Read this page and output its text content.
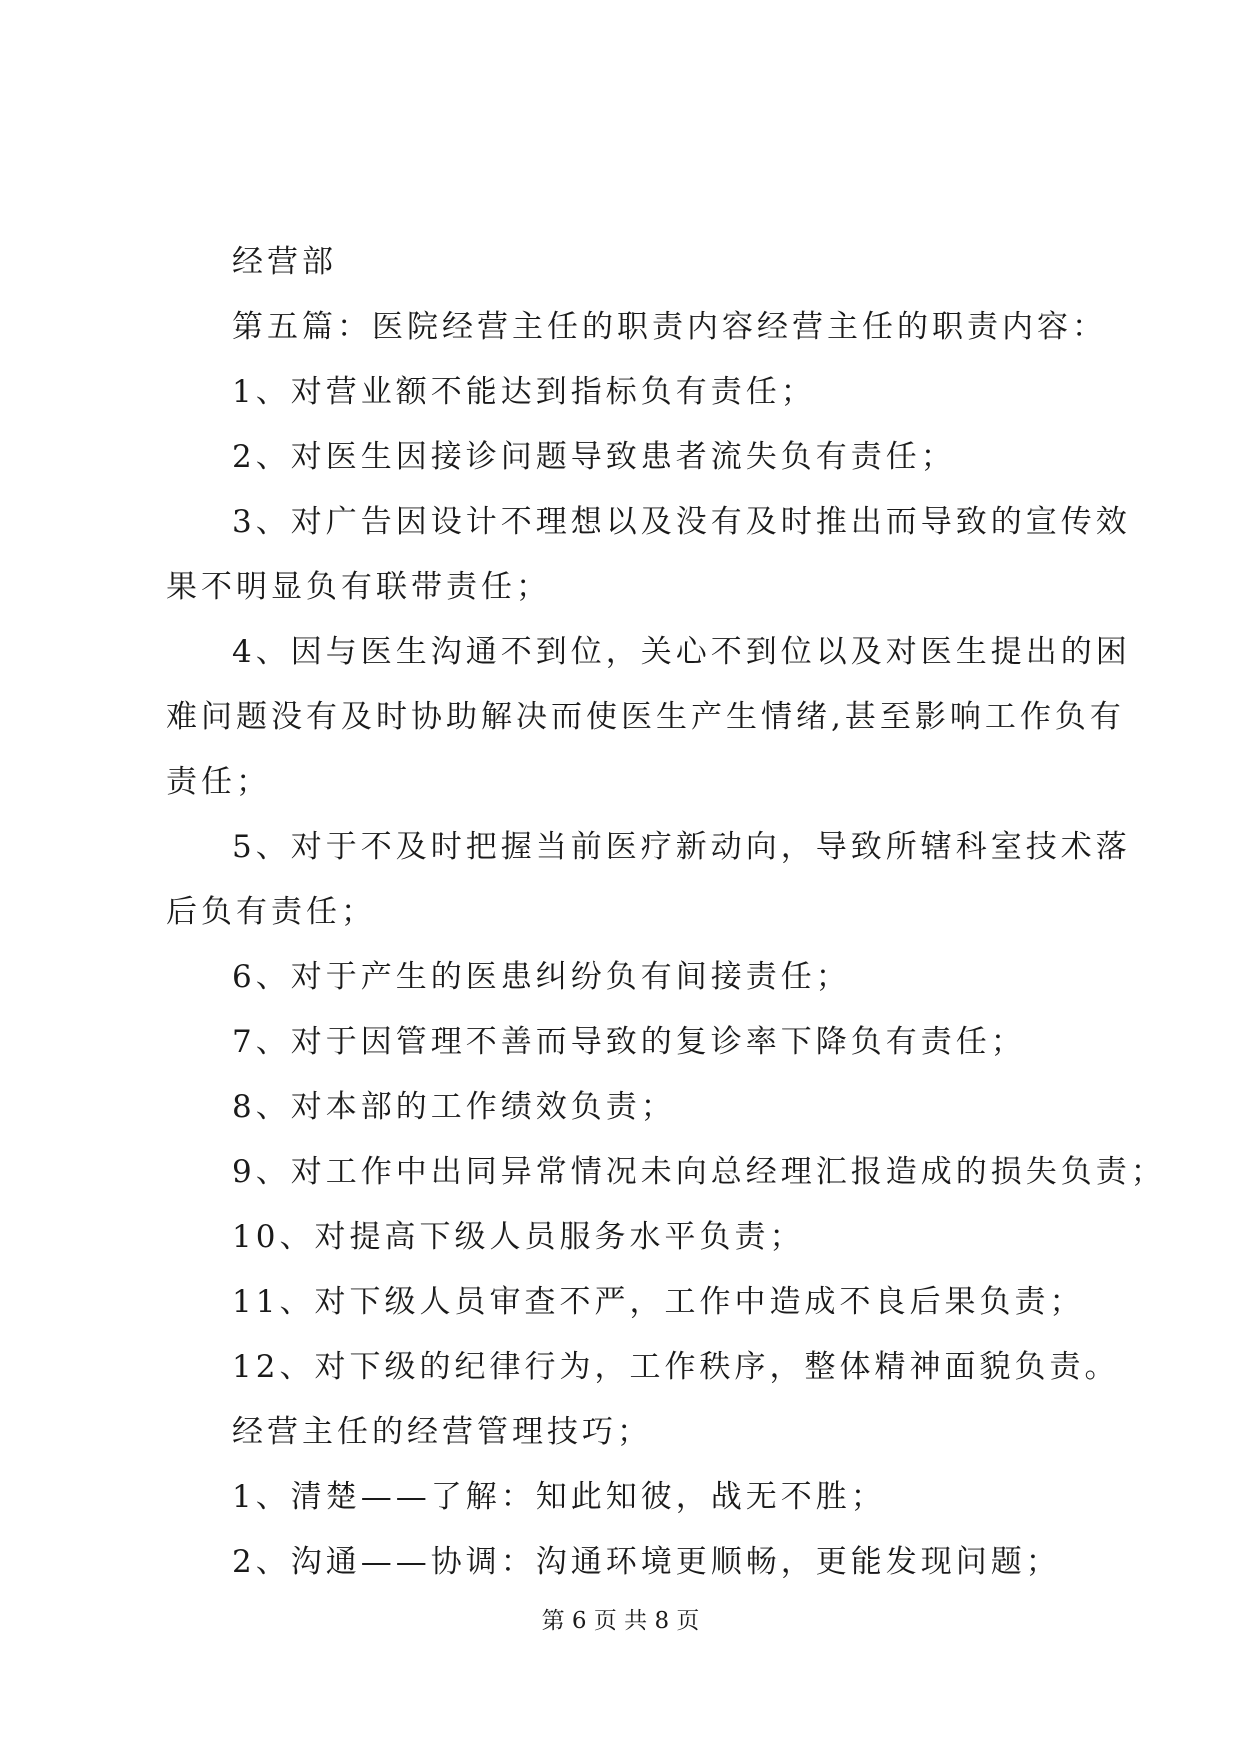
经营部
第五篇：医院经营主任的职责内容经营主任的职责内容：
1、对营业额不能达到指标负有责任；
2、对医生因接诊问题导致患者流失负有责任；
3、对广告因设计不理想以及没有及时推出而导致的宣传效
果不明显负有联带责任；
4、因与医生沟通不到位，关心不到位以及对医生提出的困
难问题没有及时协助解决而使医生产生情绪,甚至影响工作负有
责任；
5、对于不及时把握当前医疗新动向，导致所辖科室技术落
后负有责任；
6、对于产生的医患纠纷负有间接责任；
7、对于因管理不善而导致的复诊率下降负有责任；
8、对本部的工作绩效负责；
9、对工作中出同异常情况未向总经理汇报造成的损失负责；
10、对提高下级人员服务水平负责；
11、对下级人员审查不严，工作中造成不良后果负责；
12、对下级的纪律行为，工作秩序，整体精神面貌负责。
经营主任的经营管理技巧；
1、清楚——了解：知此知彼，战无不胜；
2、沟通——协调：沟通环境更顺畅，更能发现问题；
第 6 页 共 8 页
